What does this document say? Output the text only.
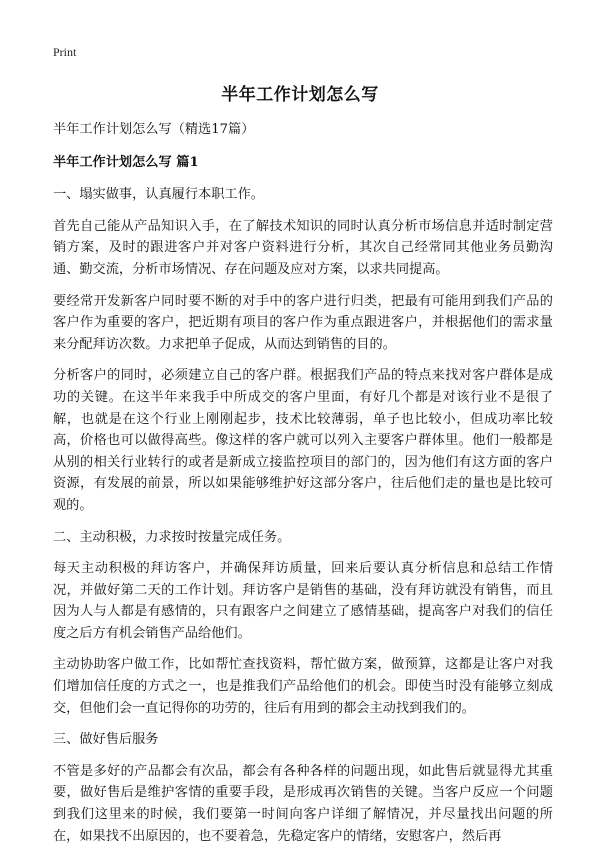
Print
半年工作计划怎么写

半年工作计划怎么写（精选17篇）

半年工作计划怎么写 篇1

一、塌实做事，认真履行本职工作。

首先自己能从产品知识入手，在了解技术知识的同时认真分析市场信息并适时制定营销方案，及时的跟进客户并对客户资料进行分析，其次自己经常同其他业务员勤沟通、勤交流，分析市场情况、存在问题及应对方案，以求共同提高。

要经常开发新客户同时要不断的对手中的客户进行归类，把最有可能用到我们产品的客户作为重要的客户，把近期有项目的客户作为重点跟进客户，并根据他们的需求量来分配拜访次数。力求把单子促成，从而达到销售的目的。

分析客户的同时，必须建立自己的客户群。根据我们产品的特点来找对客户群体是成功的关键。在这半年来我手中所成交的客户里面，有好几个都是对该行业不是很了解，也就是在这个行业上刚刚起步，技术比较薄弱，单子也比较小，但成功率比较高，价格也可以做得高些。像这样的客户就可以列入主要客户群体里。他们一般都是从别的相关行业转行的或者是新成立接监控项目的部门的，因为他们有这方面的客户资源，有发展的前景，所以如果能够维护好这部分客户，往后他们走的量也是比较可观的。

二、主动积极，力求按时按量完成任务。

每天主动积极的拜访客户，并确保拜访质量，回来后要认真分析信息和总结工作情况，并做好第二天的工作计划。拜访客户是销售的基础，没有拜访就没有销售，而且因为人与人都是有感情的，只有跟客户之间建立了感情基础，提高客户对我们的信任度之后方有机会销售产品给他们。

主动协助客户做工作，比如帮忙查找资料，帮忙做方案，做预算，这都是让客户对我们增加信任度的方式之一，也是推我们产品给他们的机会。即使当时没有能够立刻成交，但他们会一直记得你的功劳的，往后有用到的都会主动找到我们的。

三、做好售后服务

不管是多好的产品都会有次品，都会有各种各样的问题出现，如此售后就显得尤其重要，做好售后是维护客情的重要手段，是形成再次销售的关键。当客户反应一个问题到我们这里来的时候，我们要第一时间向客户详细了解情况，并尽量找出问题的所在，如果找不出原因的，也不要着急，先稳定客户的情绪，安慰客户，然后再
